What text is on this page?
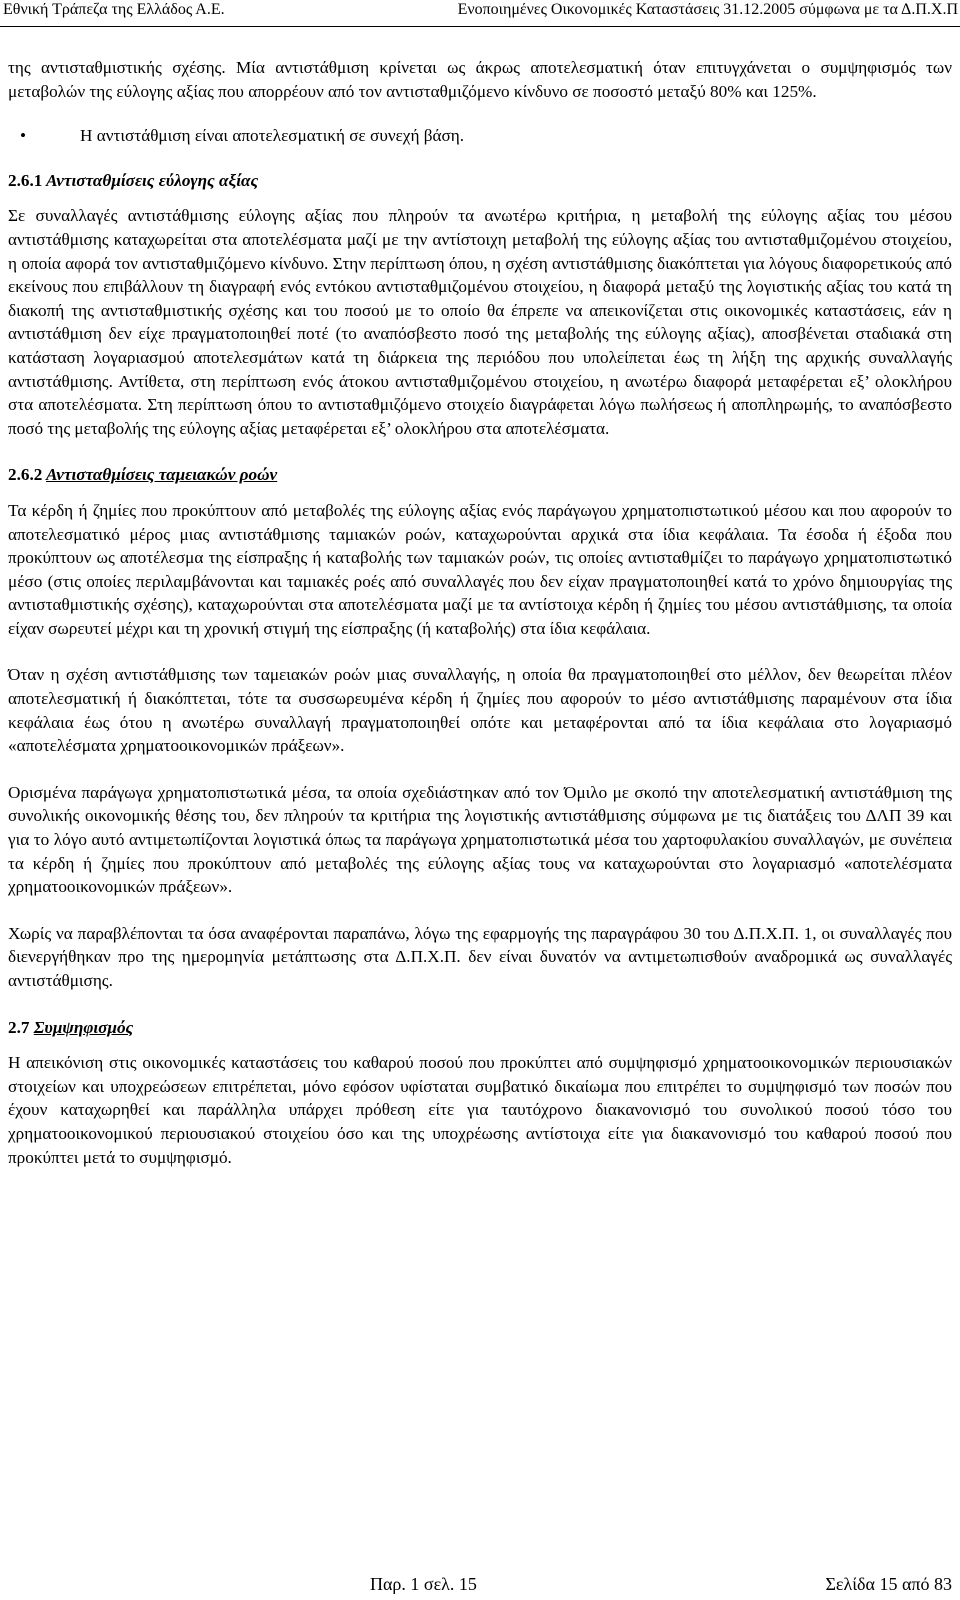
Εθνική Τράπεζα της Ελλάδος Α.Ε.	Ενοποιημένες Οικονομικές Καταστάσεις 31.12.2005 σύμφωνα με τα Δ.Π.Χ.Π

της αντισταθμιστικής σχέσης. Μία αντιστάθμιση κρίνεται ως άκρως αποτελεσματική όταν επιτυγχάνεται ο συμψηφισμός των μεταβολών της εύλογης αξίας που απορρέουν από τον αντισταθμιζόμενο κίνδυνο σε ποσοστό μεταξύ 80% και 125%.

•	Η αντιστάθμιση είναι αποτελεσματική σε συνεχή βάση.

2.6.1 Αντισταθμίσεις εύλογης αξίας

Σε συναλλαγές αντιστάθμισης εύλογης αξίας που πληρούν τα ανωτέρω κριτήρια, η μεταβολή της εύλογης αξίας του μέσου αντιστάθμισης καταχωρείται στα αποτελέσματα μαζί με την αντίστοιχη μεταβολή της εύλογης αξίας του αντισταθμιζομένου στοιχείου, η οποία αφορά τον αντισταθμιζόμενο κίνδυνο. Στην περίπτωση όπου, η σχέση αντιστάθμισης διακόπτεται για λόγους διαφορετικούς από εκείνους που επιβάλλουν τη διαγραφή ενός εντόκου αντισταθμιζομένου στοιχείου, η διαφορά μεταξύ της λογιστικής αξίας του κατά τη διακοπή της αντισταθμιστικής σχέσης και του ποσού με το οποίο θα έπρεπε να απεικονίζεται στις οικονομικές καταστάσεις, εάν η αντιστάθμιση δεν είχε πραγματοποιηθεί ποτέ (το αναπόσβεστο ποσό της μεταβολής της εύλογης αξίας), αποσβένεται σταδιακά στη κατάσταση λογαριασμού αποτελεσμάτων κατά τη διάρκεια της περιόδου που υπολείπεται έως τη λήξη της αρχικής συναλλαγής αντιστάθμισης. Αντίθετα, στη περίπτωση ενός άτοκου αντισταθμιζομένου στοιχείου, η ανωτέρω διαφορά μεταφέρεται εξ’ ολοκλήρου στα αποτελέσματα. Στη περίπτωση όπου το αντισταθμιζόμενο στοιχείο διαγράφεται λόγω πωλήσεως ή αποπληρωμής, το αναπόσβεστο ποσό της μεταβολής της εύλογης αξίας μεταφέρεται εξ’ ολοκλήρου στα αποτελέσματα.

2.6.2 Αντισταθμίσεις ταμειακών ροών

Τα κέρδη ή ζημίες που προκύπτουν από μεταβολές της εύλογης αξίας ενός παράγωγου χρηματοπιστωτικού μέσου και που αφορούν το αποτελεσματικό μέρος μιας αντιστάθμισης ταμιακών ροών, καταχωρούνται αρχικά στα ίδια κεφάλαια. Τα έσοδα ή έξοδα που προκύπτουν ως αποτέλεσμα της είσπραξης ή καταβολής των ταμιακών ροών, τις οποίες αντισταθμίζει το παράγωγο χρηματοπιστωτικό μέσο (στις οποίες περιλαμβάνονται και ταμιακές ροές από συναλλαγές που δεν είχαν πραγματοποιηθεί κατά το χρόνο δημιουργίας της αντισταθμιστικής σχέσης), καταχωρούνται στα αποτελέσματα μαζί με τα αντίστοιχα κέρδη ή ζημίες του μέσου αντιστάθμισης, τα οποία είχαν σωρευτεί μέχρι και τη χρονική στιγμή της είσπραξης (ή καταβολής) στα ίδια κεφάλαια.

Όταν η σχέση αντιστάθμισης των ταμειακών ροών μιας συναλλαγής, η οποία θα πραγματοποιηθεί στο μέλλον, δεν θεωρείται πλέον αποτελεσματική ή διακόπτεται, τότε τα συσσωρευμένα κέρδη ή ζημίες που αφορούν το μέσο αντιστάθμισης παραμένουν στα ίδια κεφάλαια έως ότου η ανωτέρω συναλλαγή πραγματοποιηθεί οπότε και μεταφέρονται από τα ίδια κεφάλαια στο λογαριασμό «αποτελέσματα χρηματοοικονομικών πράξεων».

Ορισμένα παράγωγα χρηματοπιστωτικά μέσα, τα οποία σχεδιάστηκαν από τον Όμιλο με σκοπό την αποτελεσματική αντιστάθμιση της συνολικής οικονομικής θέσης του, δεν πληρούν τα κριτήρια της λογιστικής αντιστάθμισης σύμφωνα με τις διατάξεις του ΔΛΠ 39 και για το λόγο αυτό αντιμετωπίζονται λογιστικά όπως τα παράγωγα χρηματοπιστωτικά μέσα του χαρτοφυλακίου συναλλαγών, με συνέπεια τα κέρδη ή ζημίες που προκύπτουν από μεταβολές της εύλογης αξίας τους να καταχωρούνται στο λογαριασμό «αποτελέσματα χρηματοοικονομικών πράξεων».

Χωρίς να παραβλέπονται τα όσα αναφέρονται παραπάνω, λόγω της εφαρμογής της παραγράφου 30 του Δ.Π.Χ.Π. 1, οι συναλλαγές που διενεργήθηκαν προ της ημερομηνία μετάπτωσης στα Δ.Π.Χ.Π. δεν είναι δυνατόν να αντιμετωπισθούν αναδρομικά ως συναλλαγές αντιστάθμισης.

2.7 Συμψηφισμός

Η απεικόνιση στις οικονομικές καταστάσεις του καθαρού ποσού που προκύπτει από συμψηφισμό χρηματοοικονομικών περιουσιακών στοιχείων και υποχρεώσεων επιτρέπεται, μόνο εφόσον υφίσταται συμβατικό δικαίωμα που επιτρέπει το συμψηφισμό των ποσών που έχουν καταχωρηθεί και παράλληλα υπάρχει πρόθεση είτε για ταυτόχρονο διακανονισμό του συνολικού ποσού τόσο του χρηματοοικονομικού περιουσιακού στοιχείου όσο και της υποχρέωσης αντίστοιχα είτε για διακανονισμό του καθαρού ποσού που προκύπτει μετά το συμψηφισμό.

Παρ. 1 σελ. 15	Σελίδα 15 από 83
